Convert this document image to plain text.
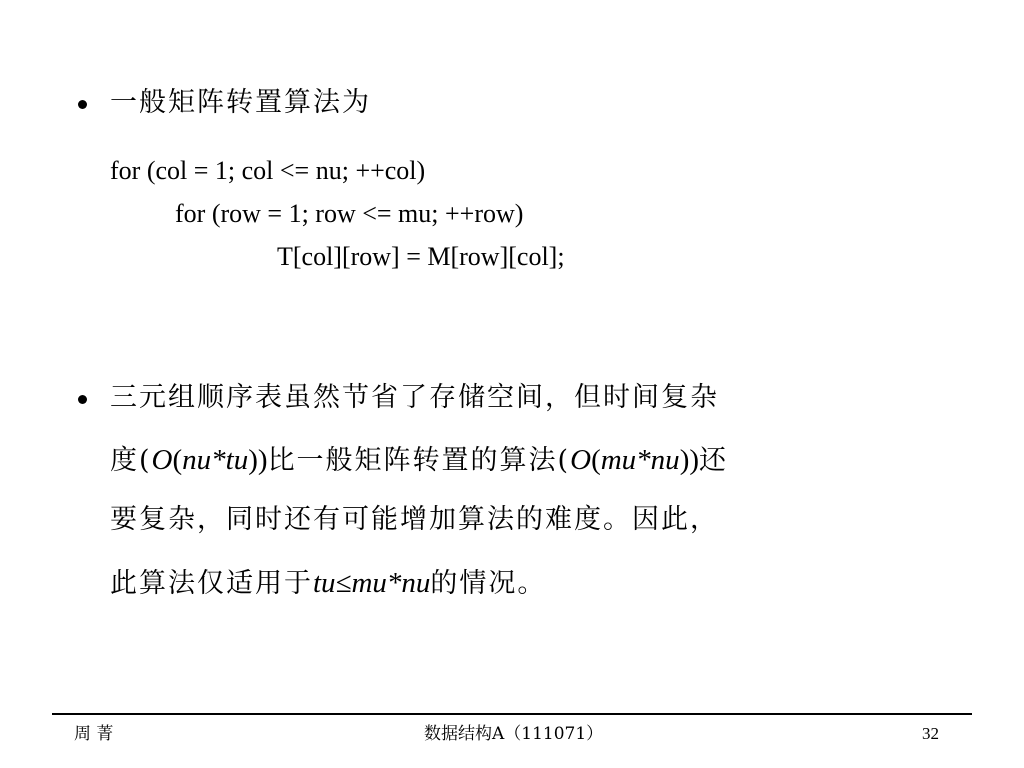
一般矩阵转置算法为
for (col = 1; col <= nu; ++col)
for (row = 1; row <= mu; ++row)
T[col][row] = M[row][col];
三元组顺序表虽然节省了存储空间，但时间复杂
度(O(nu*tu))比一般矩阵转置的算法(O(mu*nu))还
要复杂，同时还有可能增加算法的难度。因此，
此算法仅适用于tu≤mu*nu的情况。
周 菁	数据结构A（111071）	32
